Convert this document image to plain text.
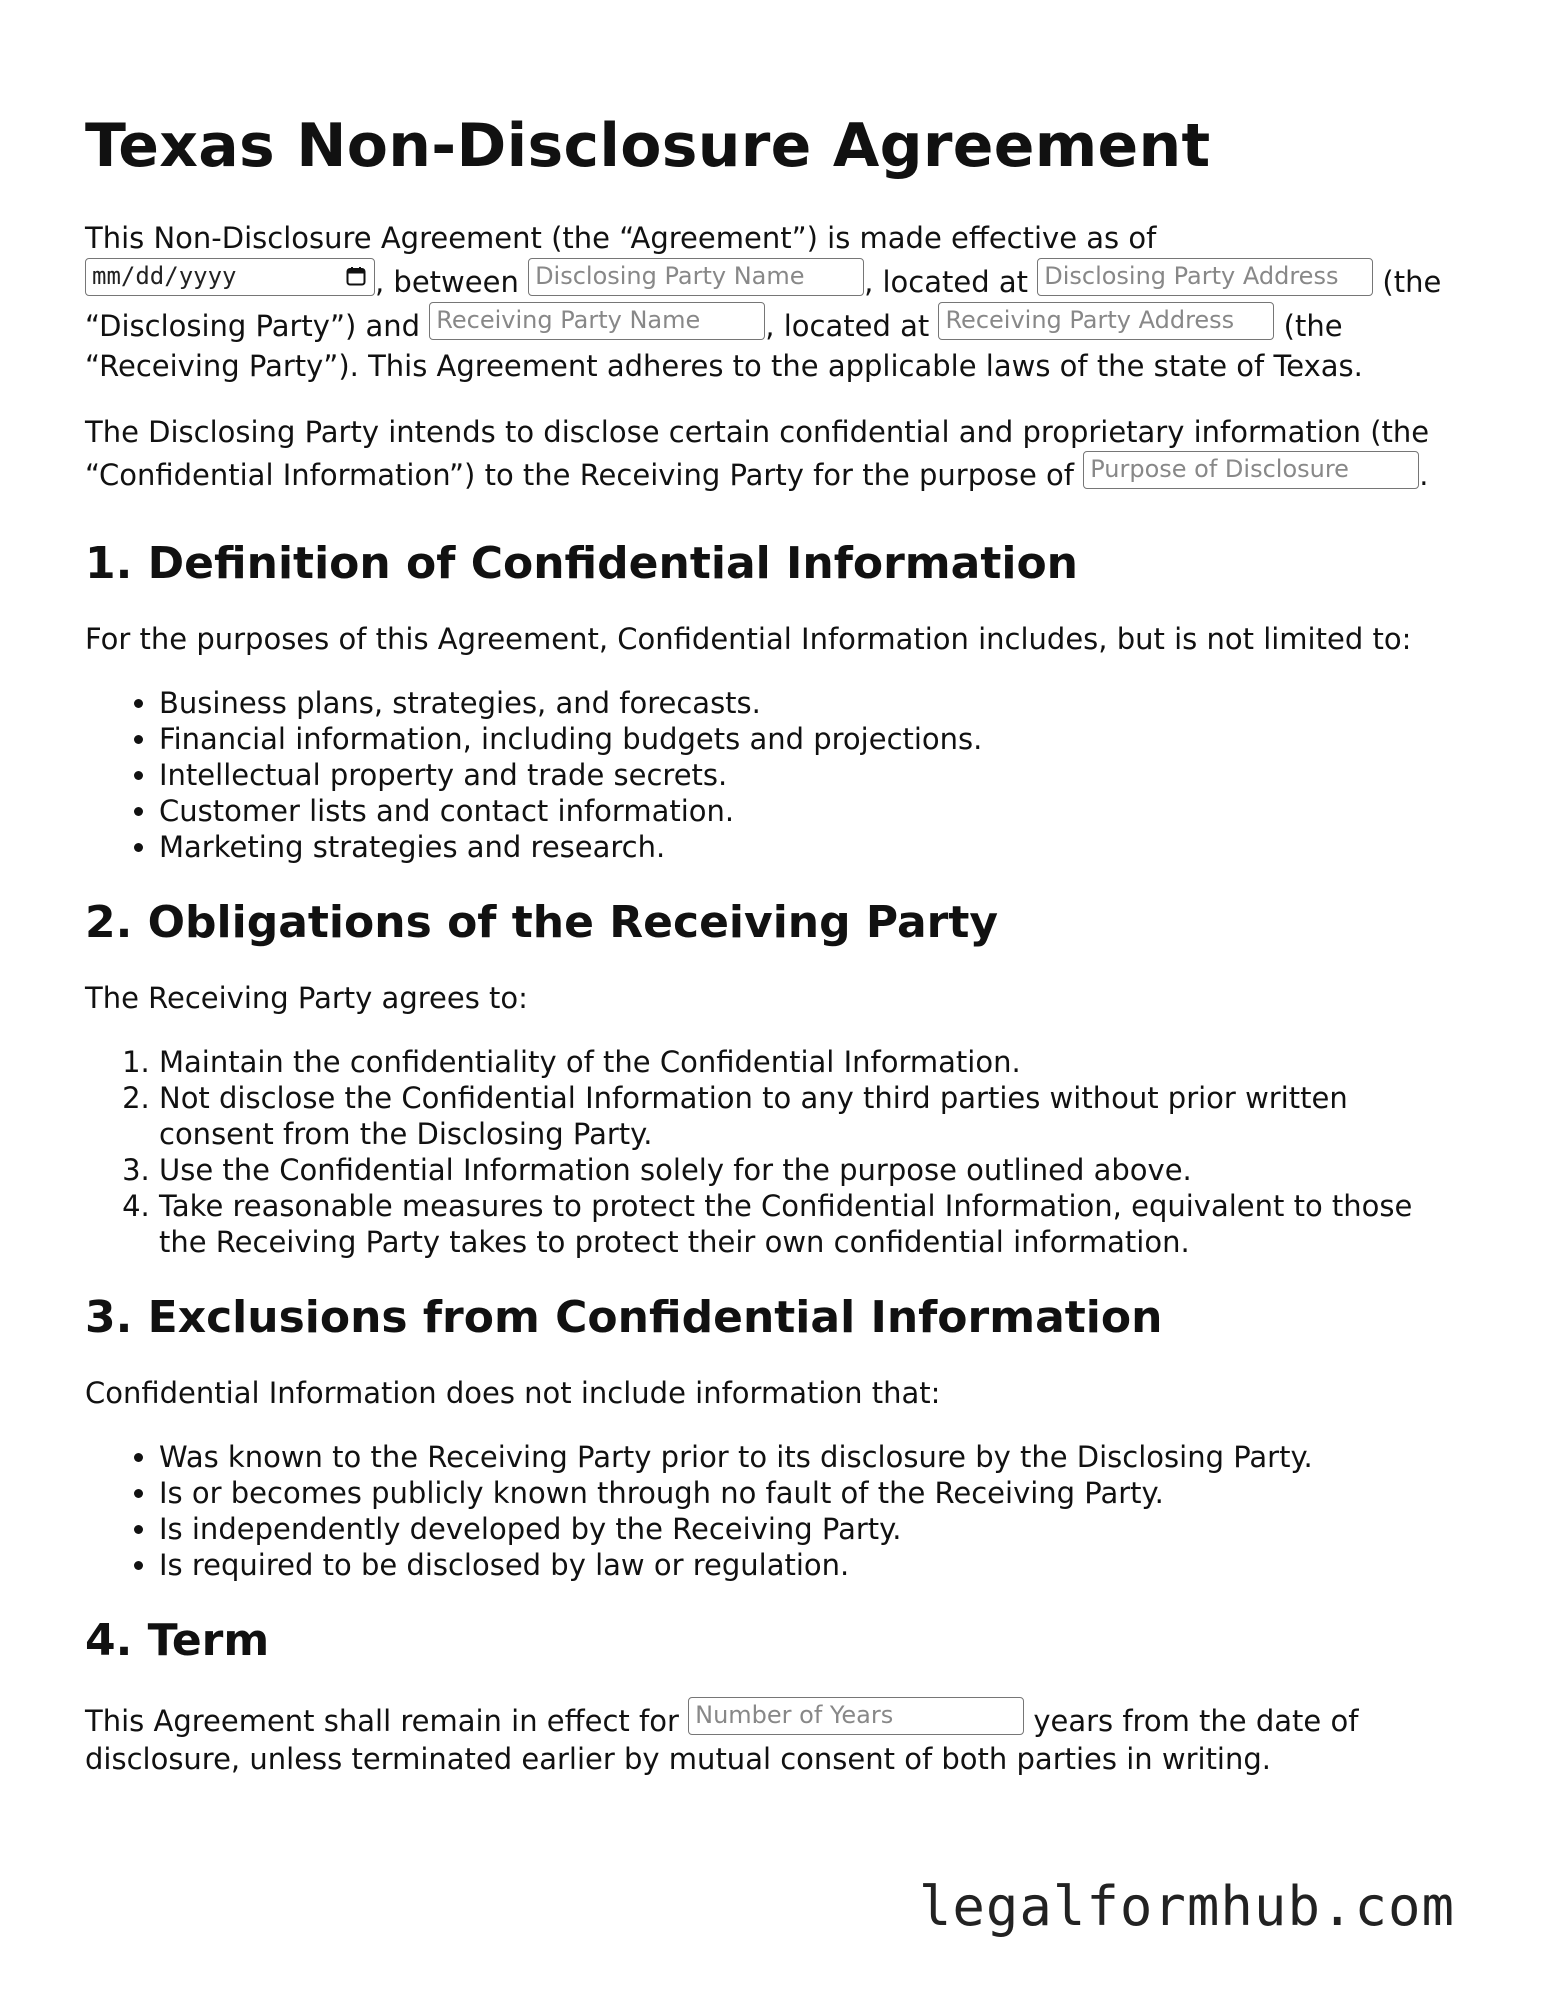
Texas Non-Disclosure Agreement

This Non-Disclosure Agreement (the “Agreement”) is made effective as of
mm/dd/yyyy	, between Disclosing Party Name , located at Disclosing Party Address (the “Disclosing Party”) and Receiving Party Name , located at Receiving Party Address (the “Receiving Party”). This Agreement adheres to the applicable laws of the state of Texas.

The Disclosing Party intends to disclose certain confidential and proprietary information (the “Confidential Information”) to the Receiving Party for the purpose of Purpose of Disclosure .

1. Definition of Confidential Information

For the purposes of this Agreement, Confidential Information includes, but is not limited to:

• Business plans, strategies, and forecasts.
• Financial information, including budgets and projections.
• Intellectual property and trade secrets.
• Customer lists and contact information.
• Marketing strategies and research.
2. Obligations of the Receiving Party

The Receiving Party agrees to:

1. Maintain the confidentiality of the Confidential Information.
2. Not disclose the Confidential Information to any third parties without prior written consent from the Disclosing Party.
3. Use the Confidential Information solely for the purpose outlined above.
4. Take reasonable measures to protect the Confidential Information, equivalent to those the Receiving Party takes to protect their own confidential information.
3. Exclusions from Confidential Information

Confidential Information does not include information that:

• Was known to the Receiving Party prior to its disclosure by the Disclosing Party.
• Is or becomes publicly known through no fault of the Receiving Party.
• Is independently developed by the Receiving Party.
• Is required to be disclosed by law or regulation.
4. Term

This Agreement shall remain in effect for Number of Years	years from the date of disclosure, unless terminated earlier by mutual consent of both parties in writing.

legalformhub.com
